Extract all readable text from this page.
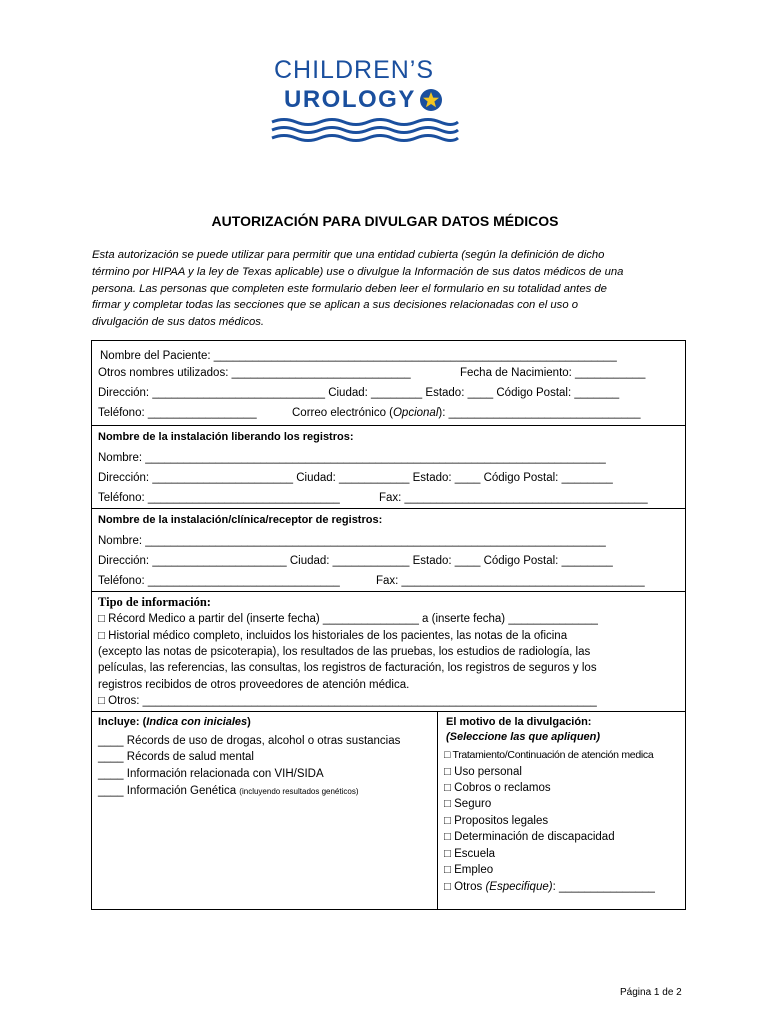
CHILDREN’S
UROLOGY
AUTORIZACIÓN PARA DIVULGAR DATOS MÉDICOS
Esta autorización se puede utilizar para permitir que una entidad cubierta (según la definición de dicho
término por HIPAA y la ley de Texas aplicable) use o divulgue la Información de sus datos médicos de una
persona. Las personas que completen este formulario deben leer el formulario en su totalidad antes de
firmar y completar todas las secciones que se aplican a sus decisiones relacionadas con el uso o
divulgación de sus datos médicos.
Nombre del Paciente: _______________________________________________________________
Otros nombres utilizados: ____________________________	Fecha de Nacimiento: ___________
Dirección: ___________________________ Ciudad: ________ Estado: ____ Código Postal: _______
Teléfono: _________________	Correo electrónico (Opcional): ______________________________
Nombre de la instalación liberando los registros:
Nombre: ________________________________________________________________________
Dirección: ______________________ Ciudad: ___________ Estado: ____ Código Postal: ________
Teléfono: ______________________________	Fax: ______________________________________
Nombre de la instalación/clínica/receptor de registros:
Nombre: ________________________________________________________________________
Dirección: _____________________ Ciudad: ____________ Estado: ____ Código Postal: ________
Teléfono: ______________________________	Fax: ______________________________________
Tipo de información:
□ Récord Medico a partir del (inserte fecha) _______________ a (inserte fecha) ______________
□ Historial médico completo, incluidos los historiales de los pacientes, las notas de la oficina
(excepto las notas de psicoterapia), los resultados de las pruebas, los estudios de radiología, las
películas, las referencias, las consultas, los registros de facturación, los registros de seguros y los
registros recibidos de otros proveedores de atención médica.
□ Otros: _______________________________________________________________________
Incluye: (Indica con iniciales)
____ Récords de uso de drogas, alcohol o otras sustancias
____ Récords de salud mental
____ Información relacionada con VIH/SIDA
____ Información Genética (incluyendo resultados genéticos)
El motivo de la divulgación:
(Seleccione las que apliquen)
□ Tratamiento/Continuación de atención medica
□ Uso personal
□ Cobros o reclamos
□ Seguro
□ Propositos legales
□ Determinación de discapacidad
□ Escuela
□ Empleo
□ Otros (Especifique): _______________
Página 1 de 2
